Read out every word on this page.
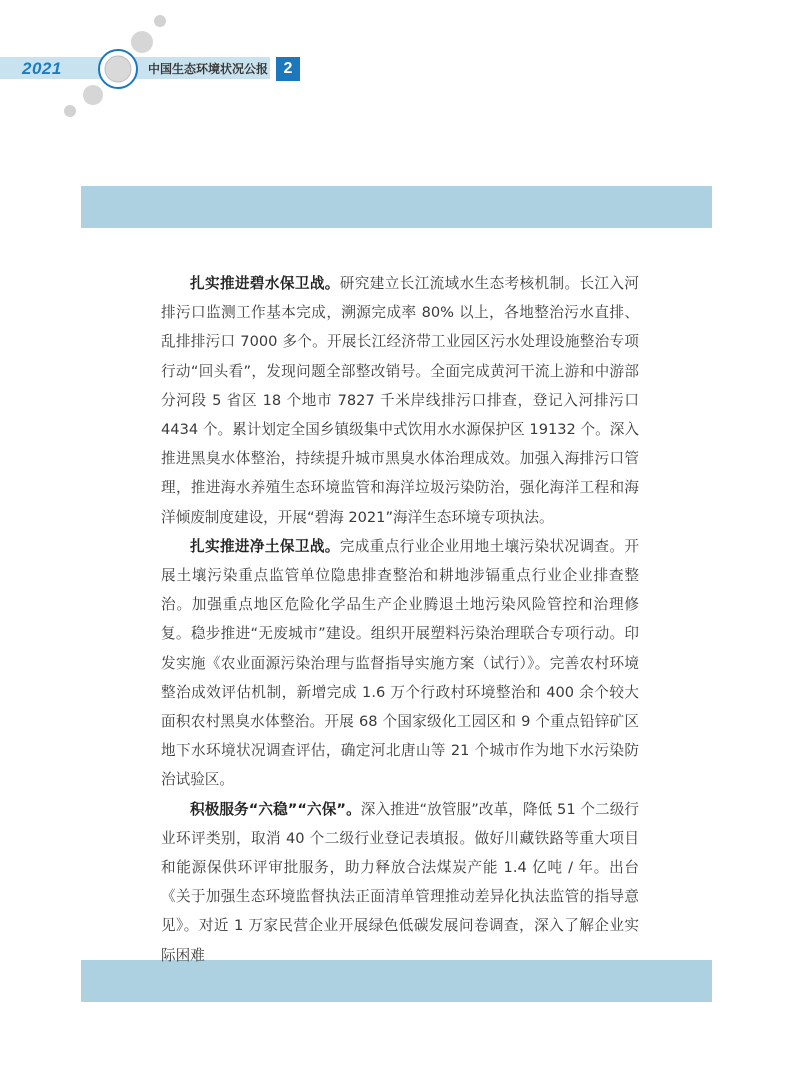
2021	中国生态环境状况公报 2

扎实推进碧水保卫战。研究建立长江流域水生态考核机制。长江入河排污口监测工作基本完成，溯源完成率 80% 以上，各地整治污水直排、乱排排污口 7000 多个。开展长江经济带工业园区污水处理设施整治专项行动“回头看”，发现问题全部整改销号。全面完成黄河干流上游和中游部分河段 5 省区 18 个地市 7827 千米岸线排污口排查，登记入河排污口 4434 个。累计划定全国乡镇级集中式饮用水水源保护区 19132 个。深入推进黑臭水体整治，持续提升城市黑臭水体治理成效。加强入海排污口管理，推进海水养殖生态环境监管和海洋垃圾污染防治，强化海洋工程和海洋倾废制度建设，开展“碧海 2021”海洋生态环境专项执法。

扎实推进净土保卫战。完成重点行业企业用地土壤污染状况调查。开展土壤污染重点监管单位隐患排查整治和耕地涉镉重点行业企业排查整治。加强重点地区危险化学品生产企业腾退土地污染风险管控和治理修复。稳步推进“无废城市”建设。组织开展塑料污染治理联合专项行动。印发实施《农业面源污染治理与监督指导实施方案（试行）》。完善农村环境整治成效评估机制，新增完成 1.6 万个行政村环境整治和 400 余个较大面积农村黑臭水体整治。开展 68 个国家级化工园区和 9 个重点铅锌矿区地下水环境状况调查评估，确定河北唐山等 21 个城市作为地下水污染防治试验区。

积极服务“六稳”“六保”。深入推进“放管服”改革，降低 51 个二级行业环评类别，取消 40 个二级行业登记表填报。做好川藏铁路等重大项目和能源保供环评审批服务，助力释放合法煤炭产能 1.4 亿吨 / 年。出台《关于加强生态环境监督执法正面清单管理推动差异化执法监管的指导意见》。对近 1 万家民营企业开展绿色低碳发展问卷调查，深入了解企业实际困难
